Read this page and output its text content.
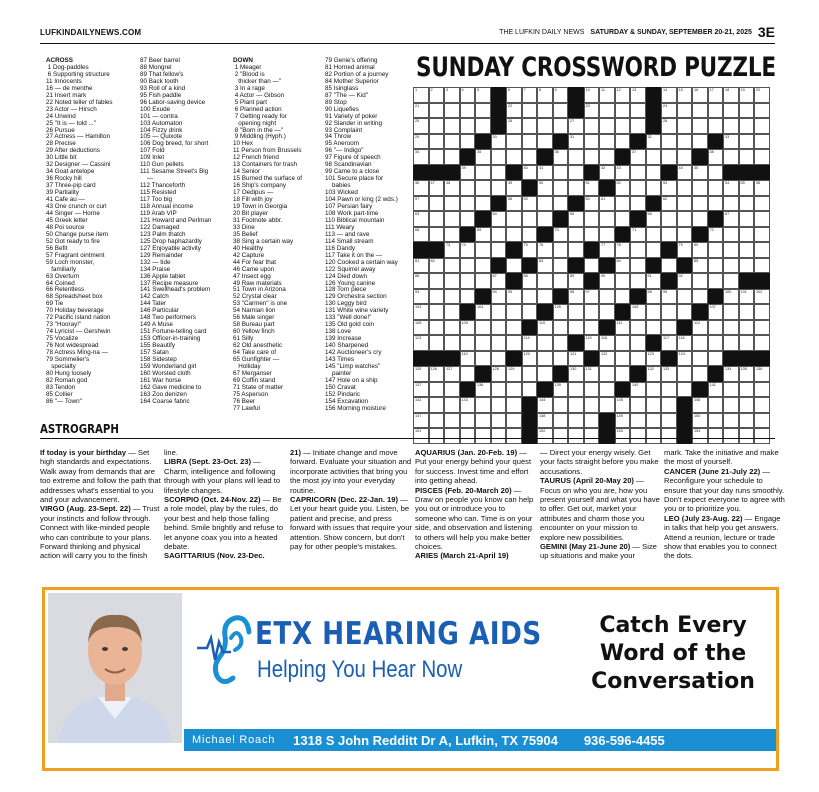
LUFKINDAILYNEWS.COM	THE LUFKIN DAILY NEWS SATURDAY & SUNDAY, SEPTEMBER 20-21, 2025 3E
ACROSS
1 Dog-paddles
6 Supporting structure
11 Innocents
16 — de menthe
21 Insert mark
22 Noted teller of fables
23 Actor — Hirsch
24 Unwind
25 "It is — told ..."
26 Pursue
27 Actress — Hamilton
28 Precise
29 After deductions
30 Little bit
32 Designer — Cassini
34 Goat antelope
36 Rocky hill
37 Three-pip card
39 Partiality
41 Cafe au —
43 One crunch or curl
44 Singer — Horne
45 Greek letter
48 Poi source
50 Change purse item
52 Got ready to fire
56 Befit
57 Fragrant ointment
59 Loch monster,
familiarly
63 Overturn
64 Coined
66 Relentless
68 Spreadsheet box
69 Tie
70 Holiday beverage
72 Pacific island nation
73 "Hooray!"
74 Lyricist — Gershwin
75 Vocalize
76 Not widespread
78 Actress Ming-na —
79 Sommelier's
specialty
80 Hung loosely
82 Roman god
83 Tendon
85 Collier
86 "— Town"
87 Beer barrel
88 Mongrel
89 That fellow's
90 Back tooth
93 Roll of a kind
95 Fish paddle
96 Labor-saving device
100 Exude
101 — contra
103 Automaton
104 Fizzy drink
105 — Quixote
106 Dog breed, for short
107 Fold
109 Inlet
110 Gun pellets
111 Sesame Street's Big
—
112 Thanceforth
115 Resisted
117 Too big
118 Annual income
119 Arab VIP
121 Howard and Perlman
122 Damaged
123 Palm thatch
125 Drop haphazardly
127 Enjoyable activity
129 Remainder
132 — tide
134 Praise
136 Apple tablet
137 Recipe measure
141 Swellhead's problem
142 Catch
144 Tater
146 Particular
148 Two performers
149 A Muse
151 Fortune-telling card
153 Officer-in-training
155 Beautify
157 Satan
158 Sidestep
159 Wonderland girl
160 Worsted cloth
161 War horse
162 Gave medicine to
163 Zoo denizen
164 Coarse fabric
DOWN
1 Meager
2 "Blood is
thicker than —"
3 In a rage
4 Actor — Gibson
5 Plant part
6 Planned action
7 Getting ready for
opening night
8 "Born in the —"
9 Middling (Hyph.)
10 Hex
11 Person from Brussels
12 French friend
13 Containers for trash
14 Senior
15 Burned the surface of
16 Ship's company
17 Oedipus —
18 Fill with joy
19 Town in Georgia
20 Bit player
31 Footnote abbr.
33 Dine
35 Belief
38 Sing a certain way
40 Healthy
42 Capture
44 For fear that
46 Came upon
47 Insect egg
49 Raw materials
51 Town in Arizona
52 Crystal clear
53 "Carmen" is one
54 Narnian lion
56 Male singer
58 Bureau part
60 Yellow finch
61 Silly
62 Old anesthetic
64 Take care of
65 Gunfighter —
Holliday
67 Merganser
69 Coffin stand
71 State of matter
75 Asperson
76 Beer
77 Lawful
79 Genie's offering
81 Horned animal
82 Portion of a journey
84 Mother Superior
85 Isinglass
87 "The — Kid"
89 Stop
90 Liquefies
91 Variety of poker
92 Slander in writing
93 Complaint
94 Throw
95 Aneroom
96 "— Indigo"
97 Figure of speech
98 Scandinavian
99 Came to a close
101 Secure place for
babies
103 Wicked
104 Pawn or king (2 wds.)
107 Persian fairy
108 Work part-time
110 Biblical mountain
111 Weary
113 — and rave
114 Small stream
116 Dandy
117 Take it on the —
120 Cooked a certain way
122 Squirrel away
124 Died down
126 Young canine
128 Torn piece
129 Orchestra section
130 Leggy bird
131 White wine variety
133 "Well done!"
135 Old gold coin
138 Love
139 Increase
140 Sharpened
142 Auctioneer's cry
143 Times
145 "Limp watches"
painter
147 Hole on a ship
150 Cravat
152 Pindaric
154 Excavation
156 Morning moisture
SUNDAY CROSSWORD PUZZLE
1	2	3	4	5	6	7	8	9	10	11	12	13	14	15	16	17	18	19	20
21	22	23	24
25	26	27	28
29	30	31	32	33
34	35	36	37	38
39	40	41	42	43	44	45
46	47	48	49	50	51	52	53	54	55	56
57	58	59	60	61	62
63	64	65	66	67
68	69	70	71	72
73	74	75	76	77	78	79	80
81	82	83	84	85
86	87	88	89	90	91	92
93	94	95	96	97	98	99	100 101 102
103	104	105	106	107
108	109	110	111	112
113	114	115 116	117 118
119	120	121	122	123	124
125 126 127	128 129	130 131	132 133	134 135 136
137	138	139	140	141
142	143	144	145	146
147	148	149	150
151	152	153	154
ASTROGRAPH

If today is your birthday — Set high standards and expectations. Walk away from demands that are too extreme and follow the path that addresses what's essential to you and your advancement.

VIRGO (Aug. 23-Sept. 22) — Trust your instincts and follow through. Connect with like-minded people who can contribute to your plans. Forward thinking and physical action will carry you to the finish

line.

LIBRA (Sept. 23-Oct. 23) — Charm, intelligence and following through with your plans will lead to lifestyle changes.

SCORPIO (Oct. 24-Nov. 22) — Be a role model, play by the rules, do your best and help those falling behind. Smile brightly and refuse to let anyone coax you into a heated debate.

SAGITTARIUS (Nov. 23-Dec.

21) — Initiate change and move forward. Evaluate your situation and incorporate activities that bring you the most joy into your everyday routine.

CAPRICORN (Dec. 22-Jan. 19) — Let your heart guide you. Listen, be patient and precise, and press forward with issues that require your attention. Show concern, but don't pay for other people's mistakes.

AQUARIUS (Jan. 20-Feb. 19) — Put your energy behind your quest for success. Invest time and effort into getting ahead.

PISCES (Feb. 20-March 20) — Draw on people you know can help you out or introduce you to someone who can. Time is on your side, and observation and listening to others will help you make better choices.

ARIES (March 21-April 19)

— Direct your energy wisely. Get your facts straight before you make accusations.

TAURUS (April 20-May 20) — Focus on who you are, how you present yourself and what you have to offer. Get out, market your attributes and charm those you encounter on your mission to explore new possibilities.

GEMINI (May 21-June 20) — Size up situations and make your

mark. Take the initiative and make the most of yourself.

CANCER (June 21-July 22) — Reconfigure your schedule to ensure that your day runs smoothly. Don't expect everyone to agree with you or to prioritize you.

LEO (July 23-Aug. 22) — Engage in talks that help you get answers. Attend a reunion, lecture or trade show that enables you to connect the dots.

ETX HEARING AIDS
Helping You Hear Now
Catch Every
Word of the
Conversation
Michael Roach 1318 S John Redditt Dr A, Lufkin, TX 75904 936-596-4455
